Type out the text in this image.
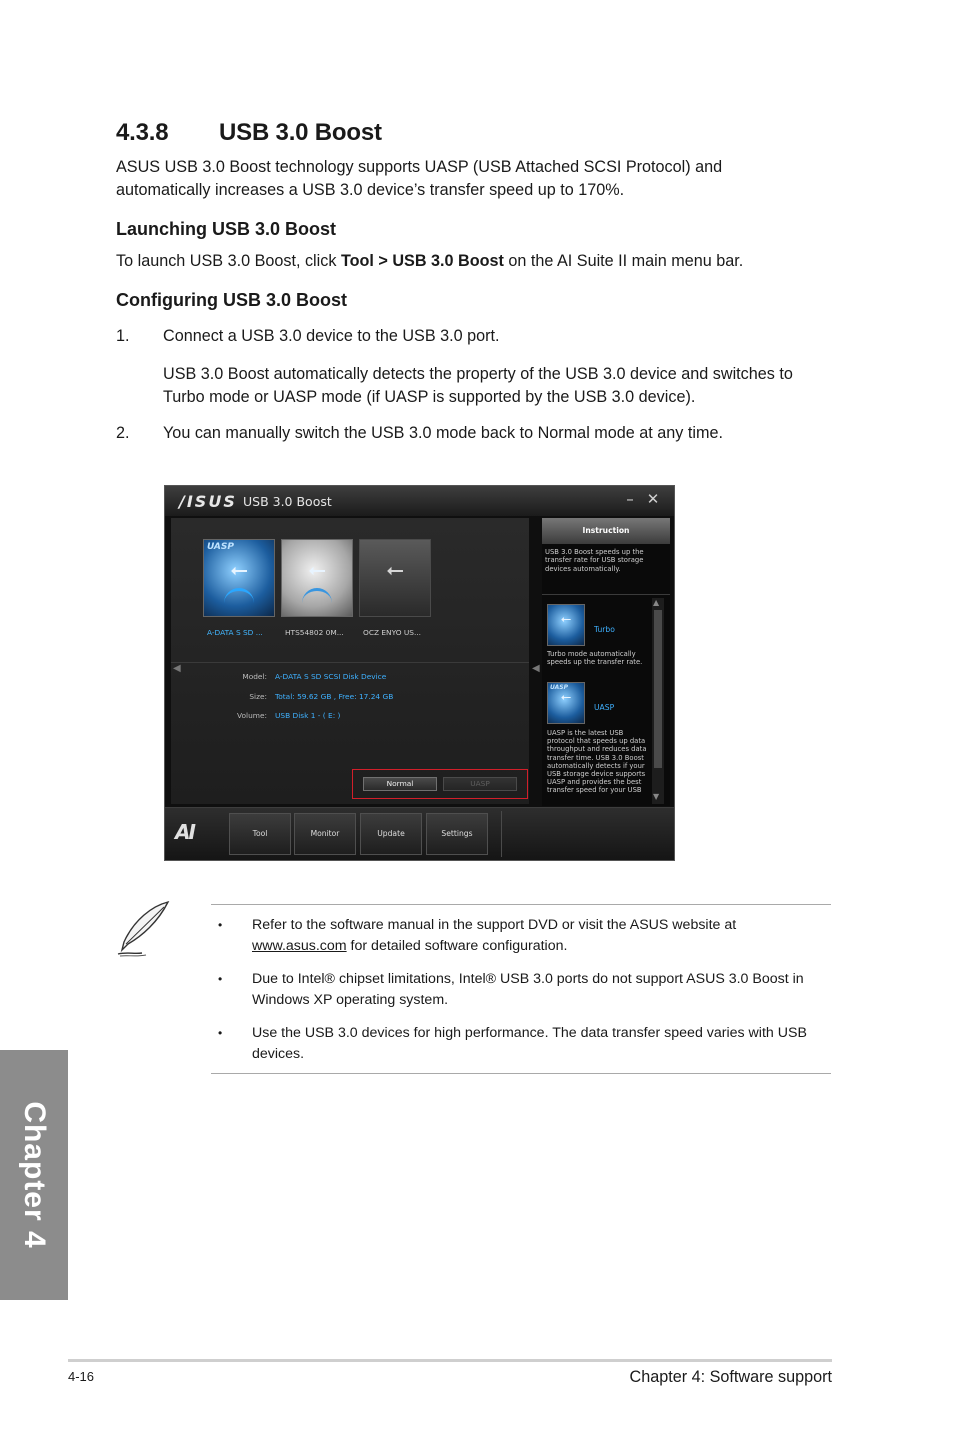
4.3.8 USB 3.0 Boost
ASUS USB 3.0 Boost technology supports UASP (USB Attached SCSI Protocol) and
automatically increases a USB 3.0 device’s transfer speed up to 170%.
Launching USB 3.0 Boost
To launch USB 3.0 Boost, click Tool > USB 3.0 Boost on the AI Suite II main menu bar.
Configuring USB 3.0 Boost
1. Connect a USB 3.0 device to the USB 3.0 port.
USB 3.0 Boost automatically detects the property of the USB 3.0 device and switches to Turbo mode or UASP mode (if UASP is supported by the USB 3.0 device).
2. You can manually switch the USB 3.0 mode back to Normal mode at any time.
/ISUS USB 3.0 Boost	– ✕
UASP
⭠	⭠	⭠
A-DATA S SD ...	HTS54802 0M...	OCZ ENYO US...
Model: A-DATA S SD SCSI Disk Device
Size: Total: 59.62 GB , Free: 17.24 GB
Volume: USB Disk 1 - ( E: )
Normal	UASP
◀	◀
Instruction
USB 3.0 Boost speeds up the transfer rate for USB storage devices automatically.
⭠
Turbo
Turbo mode automatically speeds up the transfer rate.
UASP
⭠
UASP
UASP is the latest USB protocol that speeds up data throughput and reduces data transfer time. USB 3.0 Boost automatically detects if your USB storage device supports UASP and provides the best transfer speed for your USB
▲
▼
AI	Tool	Monitor	Update	Settings
• Refer to the software manual in the support DVD or visit the ASUS website at
www.asus.com for detailed software configuration.
• Due to Intel® chipset limitations, Intel® USB 3.0 ports do not support ASUS 3.0 Boost in Windows XP operating system.
• Use the USB 3.0 devices for high performance. The data transfer speed varies with USB devices.
Chapter 4
4-16	Chapter 4: Software support
